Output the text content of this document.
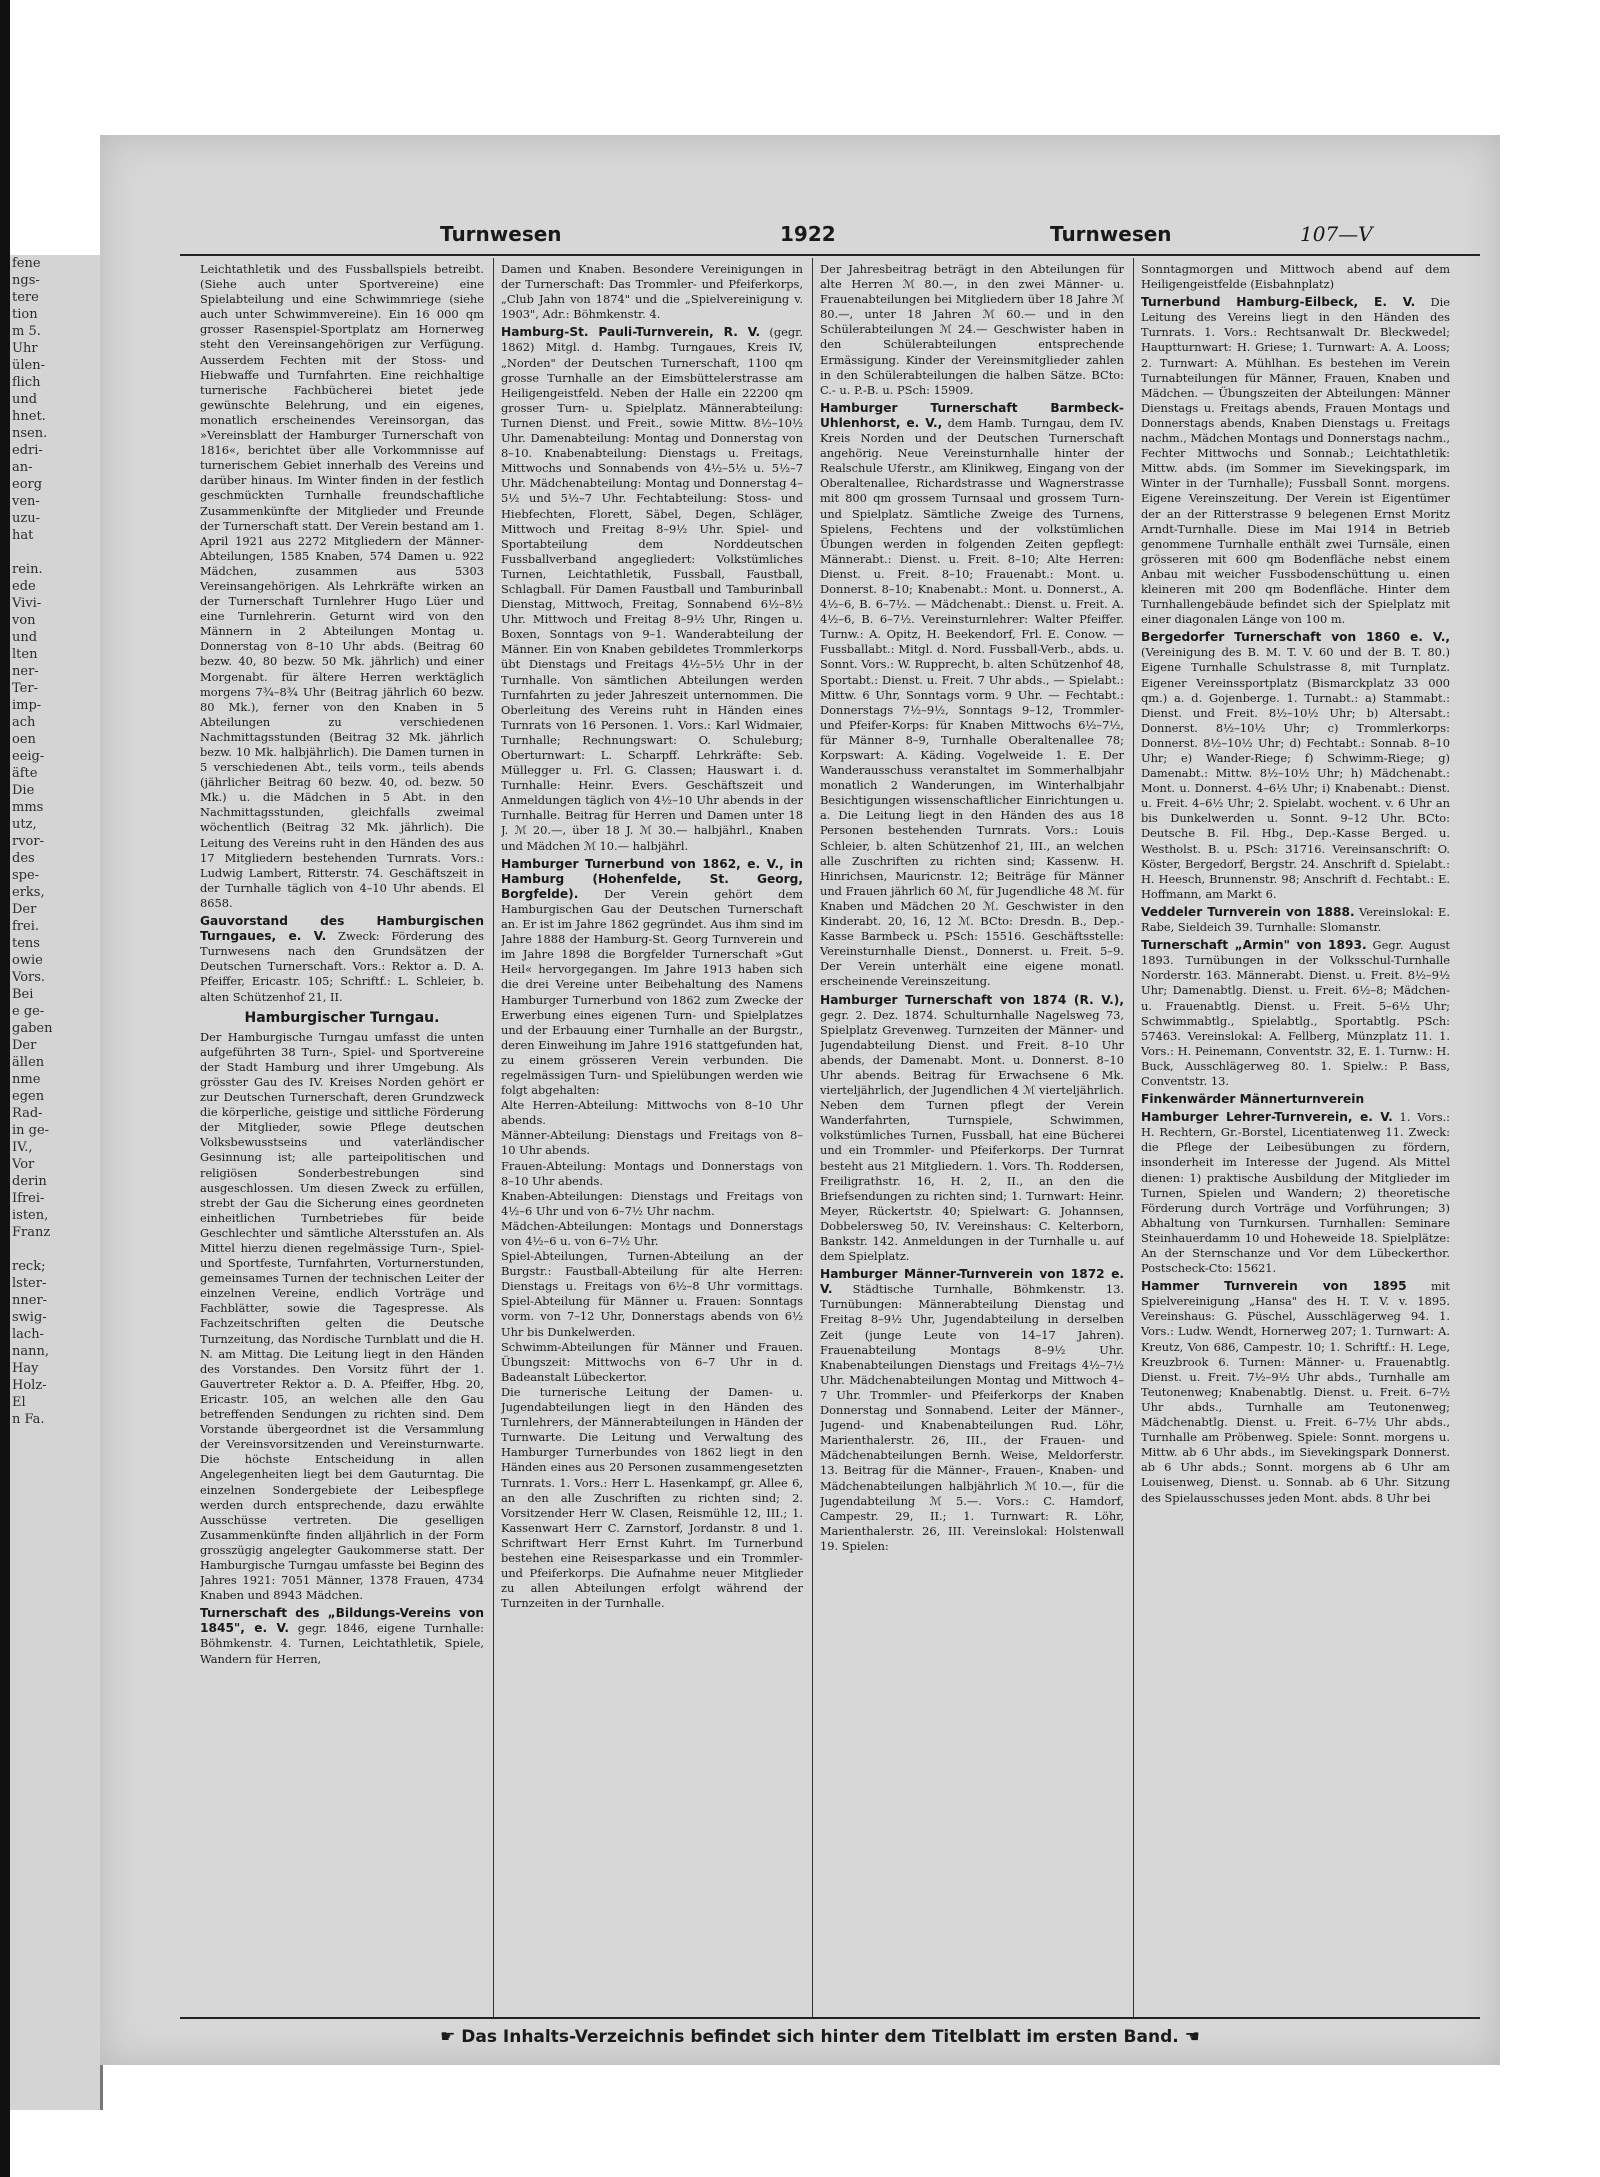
fene
ngs-
tere
tion
m 5.
Uhr
ülen-
flich
und
hnet.
nsen.
edri-
an-
eorg
ven-
uzu-
hat

rein.
ede
Vivi-
von
und
lten
ner-
Ter-
imp-
ach
oen
eeig-
äfte
Die
mms
utz,
rvor-
des
spe-
erks,
Der
frei.
tens
owie
Vors.
Bei
e ge-
gaben
Der
ällen
nme
egen
Rad-
in ge-
IV.,
Vor
derin
Ifrei-
isten,
Franz

reck;
lster-
nner-
swig-
lach-
nann,
Hay
Holz-
El
n Fa.
Turnwesen	1922	Turnwesen	107—V

Leichtathletik und des Fussballspiels betreibt. (Siehe auch unter Sportvereine) eine Spielabteilung und eine Schwimmriege (siehe auch unter Schwimmvereine). Ein 16 000 qm grosser Rasenspiel-Sportplatz am Hornerweg steht den Vereinsangehörigen zur Verfügung. Ausserdem Fechten mit der Stoss- und Hiebwaffe und Turnfahrten. Eine reichhaltige turnerische Fachbücherei bietet jede gewünschte Belehrung, und ein eigenes, monatlich erscheinendes Vereinsorgan, das »Vereinsblatt der Hamburger Turnerschaft von 1816«, berichtet über alle Vorkommnisse auf turnerischem Gebiet innerhalb des Vereins und darüber hinaus. Im Winter finden in der festlich geschmückten Turnhalle freundschaftliche Zusammenkünfte der Mitglieder und Freunde der Turnerschaft statt. Der Verein bestand am 1. April 1921 aus 2272 Mitgliedern der Männer-Abteilungen, 1585 Knaben, 574 Damen u. 922 Mädchen, zusammen aus 5303 Vereinsangehörigen. Als Lehrkräfte wirken an der Turnerschaft Turnlehrer Hugo Lüer und eine Turnlehrerin. Geturnt wird von den Männern in 2 Abteilungen Montag u. Donnerstag von 8–10 Uhr abds. (Beitrag 60 bezw. 40, 80 bezw. 50 Mk. jährlich) und einer Morgenabt. für ältere Herren werktäglich morgens 7¾–8¾ Uhr (Beitrag jährlich 60 bezw. 80 Mk.), ferner von den Knaben in 5 Abteilungen zu verschiedenen Nachmittagsstunden (Beitrag 32 Mk. jährlich bezw. 10 Mk. halbjährlich). Die Damen turnen in 5 verschiedenen Abt., teils vorm., teils abends (jährlicher Beitrag 60 bezw. 40, od. bezw. 50 Mk.) u. die Mädchen in 5 Abt. in den Nachmittagsstunden, gleichfalls zweimal wöchentlich (Beitrag 32 Mk. jährlich). Die Leitung des Vereins ruht in den Händen des aus 17 Mitgliedern bestehenden Turnrats. Vors.: Ludwig Lambert, Ritterstr. 74. Geschäftszeit in der Turnhalle täglich von 4–10 Uhr abends. El 8658.

Gauvorstand des Hamburgischen Turngaues, e. V. Zweck: Förderung des Turnwesens nach den Grundsätzen der Deutschen Turnerschaft. Vors.: Rektor a. D. A. Pfeiffer, Ericastr. 105; Schriftf.: L. Schleier, b. alten Schützenhof 21, II.

Hamburgischer Turngau.

Der Hamburgische Turngau umfasst die unten aufgeführten 38 Turn-, Spiel- und Sportvereine der Stadt Hamburg und ihrer Umgebung. Als grösster Gau des IV. Kreises Norden gehört er zur Deutschen Turnerschaft, deren Grundzweck die körperliche, geistige und sittliche Förderung der Mitglieder, sowie Pflege deutschen Volksbewusstseins und vaterländischer Gesinnung ist; alle parteipolitischen und religiösen Sonderbestrebungen sind ausgeschlossen. Um diesen Zweck zu erfüllen, strebt der Gau die Sicherung eines geordneten einheitlichen Turnbetriebes für beide Geschlechter und sämtliche Altersstufen an. Als Mittel hierzu dienen regelmässige Turn-, Spiel- und Sportfeste, Turnfahrten, Vorturnerstunden, gemeinsames Turnen der technischen Leiter der einzelnen Vereine, endlich Vorträge und Fachblätter, sowie die Tagespresse. Als Fachzeitschriften gelten die Deutsche Turnzeitung, das Nordische Turnblatt und die H. N. am Mittag. Die Leitung liegt in den Händen des Vorstandes. Den Vorsitz führt der 1. Gauvertreter Rektor a. D. A. Pfeiffer, Hbg. 20, Ericastr. 105, an welchen alle den Gau betreffenden Sendungen zu richten sind. Dem Vorstande übergeordnet ist die Versammlung der Vereinsvorsitzenden und Vereinsturnwarte. Die höchste Entscheidung in allen Angelegenheiten liegt bei dem Gauturntag. Die einzelnen Sondergebiete der Leibespflege werden durch entsprechende, dazu erwählte Ausschüsse vertreten. Die geselligen Zusammenkünfte finden alljährlich in der Form grosszügig angelegter Gaukommerse statt. Der Hamburgische Turngau umfasste bei Beginn des Jahres 1921: 7051 Männer, 1378 Frauen, 4734 Knaben und 8943 Mädchen.

Turnerschaft des „Bildungs-Vereins von 1845", e. V. gegr. 1846, eigene Turnhalle: Böhmkenstr. 4. Turnen, Leichtathletik, Spiele, Wandern für Herren,

Damen und Knaben. Besondere Vereinigungen in der Turnerschaft: Das Trommler- und Pfeiferkorps, „Club Jahn von 1874" und die „Spielvereinigung v. 1903", Adr.: Böhmkenstr. 4.

Hamburg-St. Pauli-Turnverein, R. V. (gegr. 1862) Mitgl. d. Hambg. Turngaues, Kreis IV, „Norden" der Deutschen Turnerschaft, 1100 qm grosse Turnhalle an der Eimsbüttelerstrasse am Heiligengeistfeld. Neben der Halle ein 22200 qm grosser Turn- u. Spielplatz. Männerabteilung: Turnen Dienst. und Freit., sowie Mittw. 8½–10½ Uhr. Damenabteilung: Montag und Donnerstag von 8–10. Knabenabteilung: Dienstags u. Freitags, Mittwochs und Sonnabends von 4½–5½ u. 5½–7 Uhr. Mädchenabteilung: Montag und Donnerstag 4–5½ und 5½–7 Uhr. Fechtabteilung: Stoss- und Hiebfechten, Florett, Säbel, Degen, Schläger, Mittwoch und Freitag 8–9½ Uhr. Spiel- und Sportabteilung dem Norddeutschen Fussballverband angegliedert: Volkstümliches Turnen, Leichtathletik, Fussball, Faustball, Schlagball. Für Damen Faustball und Tamburinball Dienstag, Mittwoch, Freitag, Sonnabend 6½–8½ Uhr. Mittwoch und Freitag 8–9½ Uhr, Ringen u. Boxen, Sonntags von 9–1. Wanderabteilung der Männer. Ein von Knaben gebildetes Trommlerkorps übt Dienstags und Freitags 4½–5½ Uhr in der Turnhalle. Von sämtlichen Abteilungen werden Turnfahrten zu jeder Jahreszeit unternommen. Die Oberleitung des Vereins ruht in Händen eines Turnrats von 16 Personen. 1. Vors.: Karl Widmaier, Turnhalle; Rechnungswart: O. Schuleburg; Oberturnwart: L. Scharpff. Lehrkräfte: Seb. Müllegger u. Frl. G. Classen; Hauswart i. d. Turnhalle: Heinr. Evers. Geschäftszeit und Anmeldungen täglich von 4½–10 Uhr abends in der Turnhalle. Beitrag für Herren und Damen unter 18 J. ℳ 20.—, über 18 J. ℳ 30.— halbjährl., Knaben und Mädchen ℳ 10.— halbjährl.

Hamburger Turnerbund von 1862, e. V., in Hamburg (Hohenfelde, St. Georg, Borgfelde). Der Verein gehört dem Hamburgischen Gau der Deutschen Turnerschaft an. Er ist im Jahre 1862 gegründet. Aus ihm sind im Jahre 1888 der Hamburg-St. Georg Turnverein und im Jahre 1898 die Borgfelder Turnerschaft »Gut Heil« hervorgegangen. Im Jahre 1913 haben sich die drei Vereine unter Beibehaltung des Namens Hamburger Turnerbund von 1862 zum Zwecke der Erwerbung eines eigenen Turn- und Spielplatzes und der Erbauung einer Turnhalle an der Burgstr., deren Einweihung im Jahre 1916 stattgefunden hat, zu einem grösseren Verein verbunden. Die regelmässigen Turn- und Spielübungen werden wie folgt abgehalten:

Alte Herren-Abteilung: Mittwochs von 8–10 Uhr abends.

Männer-Abteilung: Dienstags und Freitags von 8–10 Uhr abends.

Frauen-Abteilung: Montags und Donnerstags von 8–10 Uhr abends.

Knaben-Abteilungen: Dienstags und Freitags von 4½–6 Uhr und von 6–7½ Uhr nachm.

Mädchen-Abteilungen: Montags und Donnerstags von 4½–6 u. von 6–7½ Uhr.

Spiel-Abteilungen, Turnen-Abteilung an der Burgstr.: Faustball-Abteilung für alte Herren: Dienstags u. Freitags von 6½–8 Uhr vormittags. Spiel-Abteilung für Männer u. Frauen: Sonntags vorm. von 7–12 Uhr, Donnerstags abends von 6½ Uhr bis Dunkelwerden.

Schwimm-Abteilungen für Männer und Frauen. Übungszeit: Mittwochs von 6–7 Uhr in d. Badeanstalt Lübeckertor.

Die turnerische Leitung der Damen- u. Jugendabteilungen liegt in den Händen des Turnlehrers, der Männerabteilungen in Händen der Turnwarte. Die Leitung und Verwaltung des Hamburger Turnerbundes von 1862 liegt in den Händen eines aus 20 Personen zusammengesetzten Turnrats. 1. Vors.: Herr L. Hasenkampf, gr. Allee 6, an den alle Zuschriften zu richten sind; 2. Vorsitzender Herr W. Clasen, Reismühle 12, III.; 1. Kassenwart Herr C. Zarnstorf, Jordanstr. 8 und 1. Schriftwart Herr Ernst Kuhrt. Im Turnerbund bestehen eine Reisesparkasse und ein Trommler- und Pfeiferkorps. Die Aufnahme neuer Mitglieder zu allen Abteilungen erfolgt während der Turnzeiten in der Turnhalle.

Der Jahresbeitrag beträgt in den Abteilungen für alte Herren ℳ 80.—, in den zwei Männer- u. Frauenabteilungen bei Mitgliedern über 18 Jahre ℳ 80.—, unter 18 Jahren ℳ 60.— und in den Schülerabteilungen ℳ 24.— Geschwister haben in den Schülerabteilungen entsprechende Ermässigung. Kinder der Vereinsmitglieder zahlen in den Schülerabteilungen die halben Sätze. BCto: C.- u. P.-B. u. PSch: 15909.

Hamburger Turnerschaft Barmbeck-Uhlenhorst, e. V., dem Hamb. Turngau, dem IV. Kreis Norden und der Deutschen Turnerschaft angehörig. Neue Vereinsturnhalle hinter der Realschule Uferstr., am Klinikweg, Eingang von der Oberaltenallee, Richardstrasse und Wagnerstrasse mit 800 qm grossem Turnsaal und grossem Turn- und Spielplatz. Sämtliche Zweige des Turnens, Spielens, Fechtens und der volkstümlichen Übungen werden in folgenden Zeiten gepflegt: Männerabt.: Dienst. u. Freit. 8–10; Alte Herren: Dienst. u. Freit. 8–10; Frauenabt.: Mont. u. Donnerst. 8–10; Knabenabt.: Mont. u. Donnerst., A. 4½–6, B. 6–7½. — Mädchenabt.: Dienst. u. Freit. A. 4½–6, B. 6–7½. Vereinsturnlehrer: Walter Pfeiffer. Turnw.: A. Opitz, H. Beekendorf, Frl. E. Conow. — Fussballabt.: Mitgl. d. Nord. Fussball-Verb., abds. u. Sonnt. Vors.: W. Rupprecht, b. alten Schützenhof 48, Sportabt.: Dienst. u. Freit. 7 Uhr abds., — Spielabt.: Mittw. 6 Uhr, Sonntags vorm. 9 Uhr. — Fechtabt.: Donnerstags 7½–9½, Sonntags 9–12, Trommler- und Pfeifer-Korps: für Knaben Mittwochs 6½–7½, für Männer 8–9, Turnhalle Oberaltenallee 78; Korpswart: A. Käding. Vogelweide 1. E. Der Wanderausschuss veranstaltet im Sommerhalbjahr monatlich 2 Wanderungen, im Winterhalbjahr Besichtigungen wissenschaftlicher Einrichtungen u. a. Die Leitung liegt in den Händen des aus 18 Personen bestehenden Turnrats. Vors.: Louis Schleier, b. alten Schützenhof 21, III., an welchen alle Zuschriften zu richten sind; Kassenw. H. Hinrichsen, Mauricnstr. 12; Beiträge für Männer und Frauen jährlich 60 ℳ, für Jugendliche 48 ℳ. für Knaben und Mädchen 20 ℳ. Geschwister in den Kinderabt. 20, 16, 12 ℳ. BCto: Dresdn. B., Dep.-Kasse Barmbeck u. PSch: 15516. Geschäftsstelle: Vereinsturnhalle Dienst., Donnerst. u. Freit. 5–9. Der Verein unterhält eine eigene monatl. erscheinende Vereinszeitung.

Hamburger Turnerschaft von 1874 (R. V.), gegr. 2. Dez. 1874. Schulturnhalle Nagelsweg 73, Spielplatz Grevenweg. Turnzeiten der Männer- und Jugendabteilung Dienst. und Freit. 8–10 Uhr abends, der Damenabt. Mont. u. Donnerst. 8–10 Uhr abends. Beitrag für Erwachsene 6 Mk. vierteljährlich, der Jugendlichen 4 ℳ vierteljährlich. Neben dem Turnen pflegt der Verein Wanderfahrten, Turnspiele, Schwimmen, volkstümliches Turnen, Fussball, hat eine Bücherei und ein Trommler- und Pfeiferkorps. Der Turnrat besteht aus 21 Mitgliedern. 1. Vors. Th. Roddersen, Freiligrathstr. 16, H. 2, II., an den die Briefsendungen zu richten sind; 1. Turnwart: Heinr. Meyer, Rückertstr. 40; Spielwart: G. Johannsen, Dobbelersweg 50, IV. Vereinshaus: C. Kelterborn, Bankstr. 142. Anmeldungen in der Turnhalle u. auf dem Spielplatz.

Hamburger Männer-Turnverein von 1872 e. V. Städtische Turnhalle, Böhmkenstr. 13. Turnübungen: Männerabteilung Dienstag und Freitag 8–9½ Uhr, Jugendabteilung in derselben Zeit (junge Leute von 14–17 Jahren). Frauenabteilung Montags 8–9½ Uhr. Knabenabteilungen Dienstags und Freitags 4½–7½ Uhr. Mädchenabteilungen Montag und Mittwoch 4–7 Uhr. Trommler- und Pfeiferkorps der Knaben Donnerstag und Sonnabend. Leiter der Männer-, Jugend- und Knabenabteilungen Rud. Löhr, Marienthalerstr. 26, III., der Frauen- und Mädchenabteilungen Bernh. Weise, Meldorferstr. 13. Beitrag für die Männer-, Frauen-, Knaben- und Mädchenabteilungen halbjährlich ℳ 10.—, für die Jugendabteilung ℳ 5.—. Vors.: C. Hamdorf, Campestr. 29, II.; 1. Turnwart: R. Löhr, Marienthalerstr. 26, III. Vereinslokal: Holstenwall 19. Spielen:

Sonntagmorgen und Mittwoch abend auf dem Heiligengeistfelde (Eisbahnplatz)

Turnerbund Hamburg-Eilbeck, E. V. Die Leitung des Vereins liegt in den Händen des Turnrats. 1. Vors.: Rechtsanwalt Dr. Bleckwedel; Hauptturnwart: H. Griese; 1. Turnwart: A. A. Looss; 2. Turnwart: A. Mühlhan. Es bestehen im Verein Turnabteilungen für Männer, Frauen, Knaben und Mädchen. — Übungszeiten der Abteilungen: Männer Dienstags u. Freitags abends, Frauen Montags und Donnerstags abends, Knaben Dienstags u. Freitags nachm., Mädchen Montags und Donnerstags nachm., Fechter Mittwochs und Sonnab.; Leichtathletik: Mittw. abds. (im Sommer im Sievekingspark, im Winter in der Turnhalle); Fussball Sonnt. morgens. Eigene Vereinszeitung. Der Verein ist Eigentümer der an der Ritterstrasse 9 belegenen Ernst Moritz Arndt-Turnhalle. Diese im Mai 1914 in Betrieb genommene Turnhalle enthält zwei Turnsäle, einen grösseren mit 600 qm Bodenfläche nebst einem Anbau mit weicher Fussbodenschüttung u. einen kleineren mit 200 qm Bodenfläche. Hinter dem Turnhallengebäude befindet sich der Spielplatz mit einer diagonalen Länge von 100 m.

Bergedorfer Turnerschaft von 1860 e. V., (Vereinigung des B. M. T. V. 60 und der B. T. 80.) Eigene Turnhalle Schulstrasse 8, mit Turnplatz. Eigener Vereinssportplatz (Bismarckplatz 33 000 qm.) a. d. Gojenberge. 1. Turnabt.: a) Stammabt.: Dienst. und Freit. 8½–10½ Uhr; b) Altersabt.: Donnerst. 8½–10½ Uhr; c) Trommlerkorps: Donnerst. 8½–10½ Uhr; d) Fechtabt.: Sonnab. 8–10 Uhr; e) Wander-Riege; f) Schwimm-Riege; g) Damenabt.: Mittw. 8½–10½ Uhr; h) Mädchenabt.: Mont. u. Donnerst. 4–6½ Uhr; i) Knabenabt.: Dienst. u. Freit. 4–6½ Uhr; 2. Spielabt. wochent. v. 6 Uhr an bis Dunkelwerden u. Sonnt. 9–12 Uhr. BCto: Deutsche B. Fil. Hbg., Dep.-Kasse Berged. u. Westholst. B. u. PSch: 31716. Vereinsanschrift: O. Köster, Bergedorf, Bergstr. 24. Anschrift d. Spielabt.: H. Heesch, Brunnenstr. 98; Anschrift d. Fechtabt.: E. Hoffmann, am Markt 6.

Veddeler Turnverein von 1888. Vereinslokal: E. Rabe, Sieldeich 39. Turnhalle: Slomanstr.

Turnerschaft „Armin" von 1893. Gegr. August 1893. Turnübungen in der Volksschul-Turnhalle Norderstr. 163. Männerabt. Dienst. u. Freit. 8½–9½ Uhr; Damenabtlg. Dienst. u. Freit. 6½–8; Mädchen- u. Frauenabtlg. Dienst. u. Freit. 5–6½ Uhr; Schwimmabtlg., Spielabtlg., Sportabtlg. PSch: 57463. Vereinslokal: A. Fellberg, Münzplatz 11. 1. Vors.: H. Peinemann, Conventstr. 32, E. 1. Turnw.: H. Buck, Ausschlägerweg 80. 1. Spielw.: P. Bass, Conventstr. 13.

Finkenwärder Männerturnverein

Hamburger Lehrer-Turnverein, e. V. 1. Vors.: H. Rechtern, Gr.-Borstel, Licentiatenweg 11. Zweck: die Pflege der Leibesübungen zu fördern, insonderheit im Interesse der Jugend. Als Mittel dienen: 1) praktische Ausbildung der Mitglieder im Turnen, Spielen und Wandern; 2) theoretische Förderung durch Vorträge und Vorführungen; 3) Abhaltung von Turnkursen. Turnhallen: Seminare Steinhauerdamm 10 und Hoheweide 18. Spielplätze: An der Sternschanze und Vor dem Lübeckerthor. Postscheck-Cto: 15621.

Hammer Turnverein von 1895 mit Spielvereinigung „Hansa" des H. T. V. v. 1895. Vereinshaus: G. Püschel, Ausschlägerweg 94. 1. Vors.: Ludw. Wendt, Hornerweg 207; 1. Turnwart: A. Kreutz, Von 686, Campestr. 10; 1. Schriftf.: H. Lege, Kreuzbrook 6. Turnen: Männer- u. Frauenabtlg. Dienst. u. Freit. 7½–9½ Uhr abds., Turnhalle am Teutonenweg; Knabenabtlg. Dienst. u. Freit. 6–7½ Uhr abds., Turnhalle am Teutonenweg; Mädchenabtlg. Dienst. u. Freit. 6–7½ Uhr abds., Turnhalle am Pröbenweg. Spiele: Sonnt. morgens u. Mittw. ab 6 Uhr abds., im Sievekingspark Donnerst. ab 6 Uhr abds.; Sonnt. morgens ab 6 Uhr am Louisenweg, Dienst. u. Sonnab. ab 6 Uhr. Sitzung des Spielausschusses jeden Mont. abds. 8 Uhr bei

☛ Das Inhalts-Verzeichnis befindet sich hinter dem Titelblatt im ersten Band. ☚
